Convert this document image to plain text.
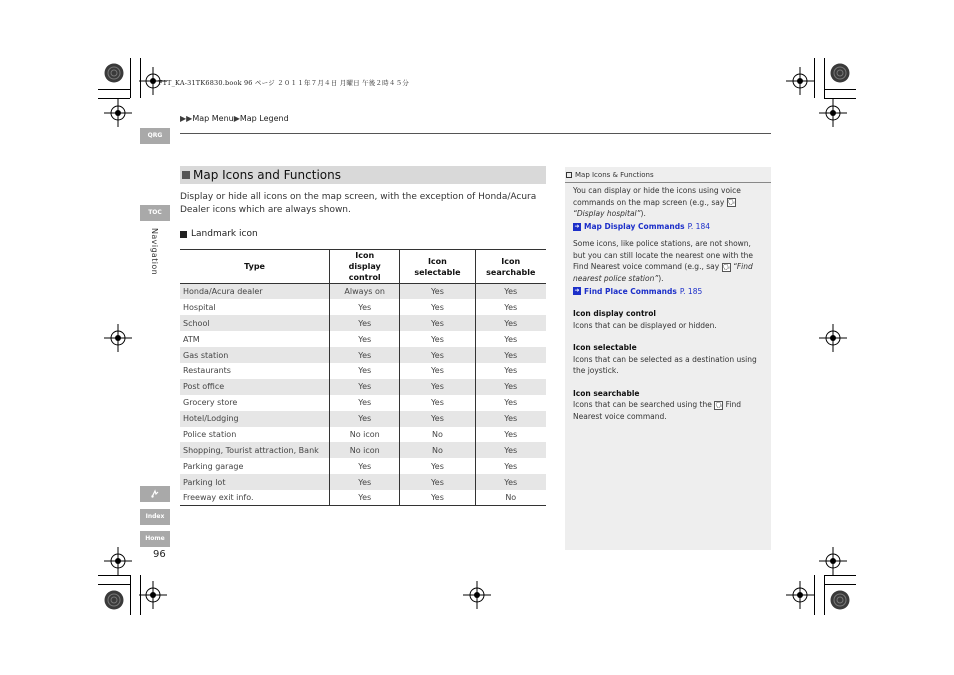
F1T_KA-31TK6830.book 96 ページ ２０１１年７月４日 月曜日 午後２時４５分
▶▶Map Menu▶Map Legend
QRG
TOC
Navigation
Index
Home
96
Map Icons and Functions
Display or hide all icons on the map screen, with the exception of Honda/Acura Dealer icons which are always shown.
Landmark icon
Type	Icon display control	Icon selectable	Icon searchable
Honda/Acura dealer	Always on	Yes	Yes
Hospital	Yes	Yes	Yes
School	Yes	Yes	Yes
ATM	Yes	Yes	Yes
Gas station	Yes	Yes	Yes
Restaurants	Yes	Yes	Yes
Post office	Yes	Yes	Yes
Grocery store	Yes	Yes	Yes
Hotel/Lodging	Yes	Yes	Yes
Police station	No icon	No	Yes
Shopping, Tourist attraction, Bank	No icon	No	Yes
Parking garage	Yes	Yes	Yes
Parking lot	Yes	Yes	Yes
Freeway exit info.	Yes	Yes	No
Map Icons & Functions

You can display or hide the icons using voice commands on the map screen (e.g., say 🗣 “Display hospital”).

➜ Map Display Commands P. 184

Some icons, like police stations, are not shown, but you can still locate the nearest one with the Find Nearest voice command (e.g., say 🗣 “Find nearest police station”).

➜ Find Place Commands P. 185

Icon display control

Icons that can be displayed or hidden.

Icon selectable

Icons that can be selected as a destination using the joystick.

Icon searchable

Icons that can be searched using the 🗣 Find Nearest voice command.
